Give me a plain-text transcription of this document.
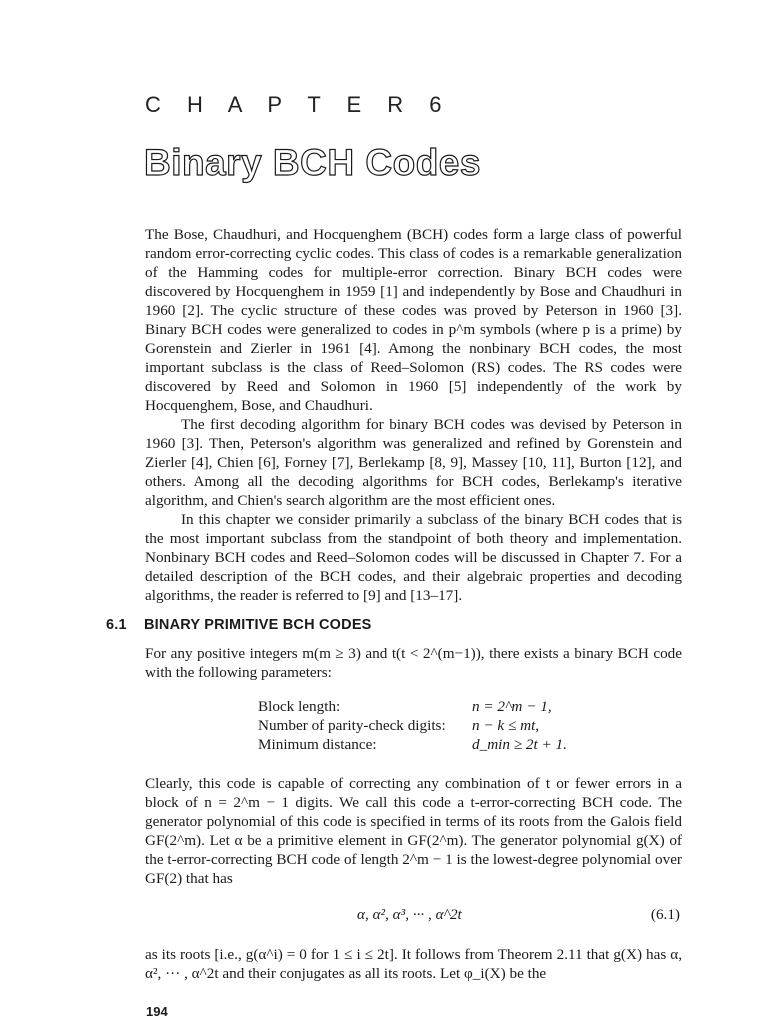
C H A P T E R 6
Binary BCH Codes

The Bose, Chaudhuri, and Hocquenghem (BCH) codes form a large class of powerful random error-correcting cyclic codes. This class of codes is a remarkable generalization of the Hamming codes for multiple-error correction. Binary BCH codes were discovered by Hocquenghem in 1959 [1] and independently by Bose and Chaudhuri in 1960 [2]. The cyclic structure of these codes was proved by Peterson in 1960 [3]. Binary BCH codes were generalized to codes in p^m symbols (where p is a prime) by Gorenstein and Zierler in 1961 [4]. Among the nonbinary BCH codes, the most important subclass is the class of Reed–Solomon (RS) codes. The RS codes were discovered by Reed and Solomon in 1960 [5] independently of the work by Hocquenghem, Bose, and Chaudhuri.

The first decoding algorithm for binary BCH codes was devised by Peterson in 1960 [3]. Then, Peterson's algorithm was generalized and refined by Gorenstein and Zierler [4], Chien [6], Forney [7], Berlekamp [8, 9], Massey [10, 11], Burton [12], and others. Among all the decoding algorithms for BCH codes, Berlekamp's iterative algorithm, and Chien's search algorithm are the most efficient ones.

In this chapter we consider primarily a subclass of the binary BCH codes that is the most important subclass from the standpoint of both theory and implementation. Nonbinary BCH codes and Reed–Solomon codes will be discussed in Chapter 7. For a detailed description of the BCH codes, and their algebraic properties and decoding algorithms, the reader is referred to [9] and [13–17].

6.1 BINARY PRIMITIVE BCH CODES

For any positive integers m(m ≥ 3) and t(t < 2^(m−1)), there exists a binary BCH code with the following parameters:

Block length:	n = 2^m − 1,
Number of parity-check digits:	n − k ≤ mt,
Minimum distance:	d_min ≥ 2t + 1.

Clearly, this code is capable of correcting any combination of t or fewer errors in a block of n = 2^m − 1 digits. We call this code a t-error-correcting BCH code. The generator polynomial of this code is specified in terms of its roots from the Galois field GF(2^m). Let α be a primitive element in GF(2^m). The generator polynomial g(X) of the t-error-correcting BCH code of length 2^m − 1 is the lowest-degree polynomial over GF(2) that has

α, α², α³, ··· , α^2t	(6.1)

as its roots [i.e., g(α^i) = 0 for 1 ≤ i ≤ 2t]. It follows from Theorem 2.11 that g(X) has α, α², ··· , α^2t and their conjugates as all its roots. Let φ_i(X) be the

194
